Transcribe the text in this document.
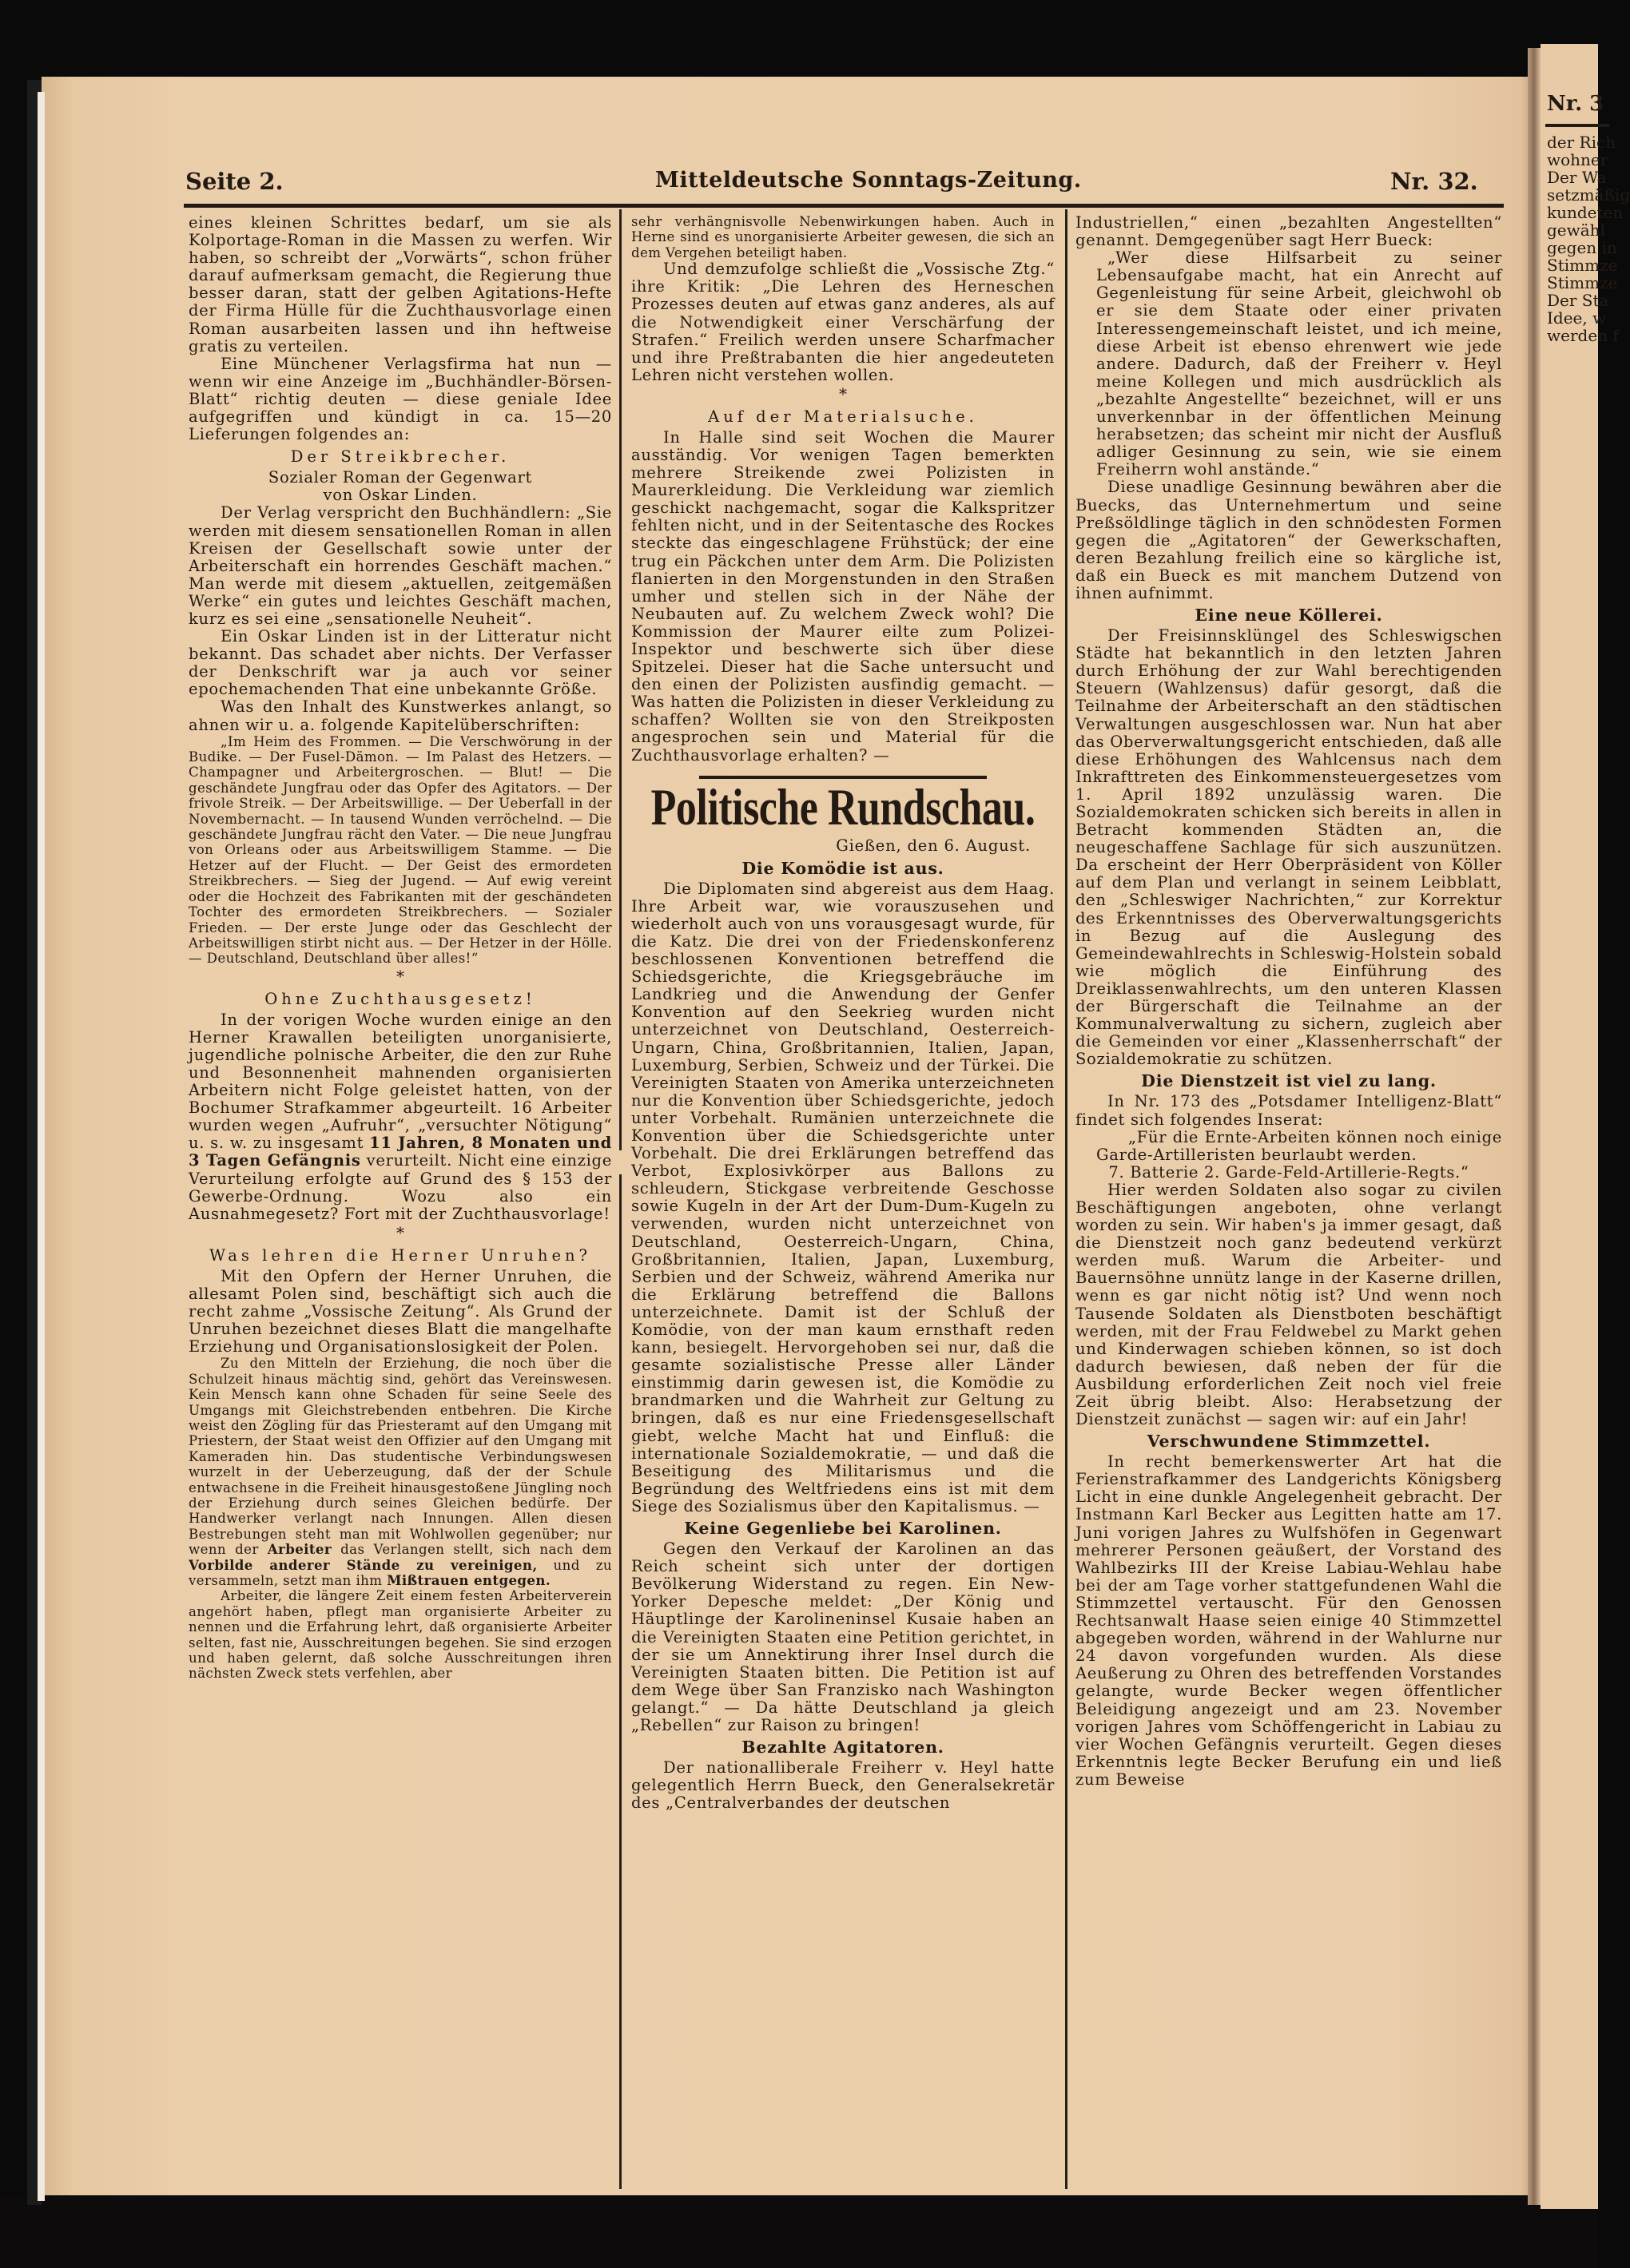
Nr. 3
der Rich
wohner
Der Wa
setzmäßig
kundeten
gewähl
gegen in
Stimmze
Stimmze
Der Sta
Idee, w
werden f
Seite 2.	Mitteldeutsche Sonntags-Zeitung.	Nr. 32.

eines kleinen Schrittes bedarf, um sie als Kolportage-Roman in die Massen zu werfen. Wir haben, so schreibt der „Vorwärts“, schon früher darauf aufmerksam gemacht, die Regierung thue besser daran, statt der gelben Agitations-Hefte der Firma Hülle für die Zuchthausvorlage einen Roman ausarbeiten lassen und ihn heftweise gratis zu verteilen.

Eine Münchener Verlagsfirma hat nun — wenn wir eine Anzeige im „Buchhändler-Börsen-Blatt“ richtig deuten — diese geniale Idee aufgegriffen und kündigt in ca. 15—20 Lieferungen folgendes an:

Der Streikbrecher.

Sozialer Roman der Gegenwart

von Oskar Linden.

Der Verlag verspricht den Buchhändlern: „Sie werden mit diesem sensationellen Roman in allen Kreisen der Gesellschaft sowie unter der Arbeiterschaft ein horrendes Geschäft machen.“ Man werde mit diesem „aktuellen, zeitgemäßen Werke“ ein gutes und leichtes Geschäft machen, kurz es sei eine „sensationelle Neuheit“.

Ein Oskar Linden ist in der Litteratur nicht bekannt. Das schadet aber nichts. Der Verfasser der Denkschrift war ja auch vor seiner epochemachenden That eine unbekannte Größe.

Was den Inhalt des Kunstwerkes anlangt, so ahnen wir u. a. folgende Kapitelüberschriften:

„Im Heim des Frommen. — Die Verschwörung in der Budike. — Der Fusel-Dämon. — Im Palast des Hetzers. — Champagner und Arbeitergroschen. — Blut! — Die geschändete Jungfrau oder das Opfer des Agitators. — Der frivole Streik. — Der Arbeitswillige. — Der Ueberfall in der Novembernacht. — In tausend Wunden verröchelnd. — Die geschändete Jungfrau rächt den Vater. — Die neue Jungfrau von Orleans oder aus Arbeitswilligem Stamme. — Die Hetzer auf der Flucht. — Der Geist des ermordeten Streikbrechers. — Sieg der Jugend. — Auf ewig vereint oder die Hochzeit des Fabrikanten mit der geschändeten Tochter des ermordeten Streikbrechers. — Sozialer Frieden. — Der erste Junge oder das Geschlecht der Arbeitswilligen stirbt nicht aus. — Der Hetzer in der Hölle. — Deutschland, Deutschland über alles!“

*
Ohne Zuchthausgesetz!

In der vorigen Woche wurden einige an den Herner Krawallen beteiligten unorganisierte, jugendliche polnische Arbeiter, die den zur Ruhe und Besonnenheit mahnenden organisierten Arbeitern nicht Folge geleistet hatten, von der Bochumer Strafkammer abgeurteilt. 16 Arbeiter wurden wegen „Aufruhr“, „versuchter Nötigung“ u. s. w. zu insgesamt 11 Jahren, 8 Monaten und 3 Tagen Gefängnis verurteilt. Nicht eine einzige Verurteilung erfolgte auf Grund des § 153 der Gewerbe-Ordnung. Wozu also ein Ausnahmegesetz? Fort mit der Zuchthausvorlage!

*
Was lehren die Herner Unruhen?

Mit den Opfern der Herner Unruhen, die allesamt Polen sind, beschäftigt sich auch die recht zahme „Vossische Zeitung“. Als Grund der Unruhen bezeichnet dieses Blatt die mangelhafte Erziehung und Organisationslosigkeit der Polen.

Zu den Mitteln der Erziehung, die noch über die Schulzeit hinaus mächtig sind, gehört das Vereinswesen. Kein Mensch kann ohne Schaden für seine Seele des Umgangs mit Gleichstrebenden entbehren. Die Kirche weist den Zögling für das Priesteramt auf den Umgang mit Priestern, der Staat weist den Offizier auf den Umgang mit Kameraden hin. Das studentische Verbindungswesen wurzelt in der Ueberzeugung, daß der der Schule entwachsene in die Freiheit hinausgestoßene Jüngling noch der Erziehung durch seines Gleichen bedürfe. Der Handwerker verlangt nach Innungen. Allen diesen Bestrebungen steht man mit Wohlwollen gegenüber; nur wenn der Arbeiter das Verlangen stellt, sich nach dem Vorbilde anderer Stände zu vereinigen, und zu versammeln, setzt man ihm Mißtrauen entgegen.

Arbeiter, die längere Zeit einem festen Arbeiterverein angehört haben, pflegt man organisierte Arbeiter zu nennen und die Erfahrung lehrt, daß organisierte Arbeiter selten, fast nie, Ausschreitungen begehen. Sie sind erzogen und haben gelernt, daß solche Ausschreitungen ihren nächsten Zweck stets verfehlen, aber

sehr verhängnisvolle Nebenwirkungen haben. Auch in Herne sind es unorganisierte Arbeiter gewesen, die sich an dem Vergehen beteiligt haben.

Und demzufolge schließt die „Vossische Ztg.“ ihre Kritik: „Die Lehren des Herneschen Prozesses deuten auf etwas ganz anderes, als auf die Notwendigkeit einer Verschärfung der Strafen.“ Freilich werden unsere Scharfmacher und ihre Preßtrabanten die hier angedeuteten Lehren nicht verstehen wollen.

*
Auf der Materialsuche.

In Halle sind seit Wochen die Maurer ausständig. Vor wenigen Tagen bemerkten mehrere Streikende zwei Polizisten in Maurerkleidung. Die Verkleidung war ziemlich geschickt nachgemacht, sogar die Kalkspritzer fehlten nicht, und in der Seitentasche des Rockes steckte das eingeschlagene Frühstück; der eine trug ein Päckchen unter dem Arm. Die Polizisten flanierten in den Morgenstunden in den Straßen umher und stellen sich in der Nähe der Neubauten auf. Zu welchem Zweck wohl? Die Kommission der Maurer eilte zum Polizei-Inspektor und beschwerte sich über diese Spitzelei. Dieser hat die Sache untersucht und den einen der Polizisten ausfindig gemacht. — Was hatten die Polizisten in dieser Verkleidung zu schaffen? Wollten sie von den Streikposten angesprochen sein und Material für die Zuchthausvorlage erhalten? —

Politische Rundschau.
Gießen, den 6. August.
Die Komödie ist aus.

Die Diplomaten sind abgereist aus dem Haag. Ihre Arbeit war, wie vorauszusehen und wiederholt auch von uns vorausgesagt wurde, für die Katz. Die drei von der Friedenskonferenz beschlossenen Konventionen betreffend die Schiedsgerichte, die Kriegsgebräuche im Landkrieg und die Anwendung der Genfer Konvention auf den Seekrieg wurden nicht unterzeichnet von Deutschland, Oesterreich-Ungarn, China, Großbritannien, Italien, Japan, Luxemburg, Serbien, Schweiz und der Türkei. Die Vereinigten Staaten von Amerika unterzeichneten nur die Konvention über Schiedsgerichte, jedoch unter Vorbehalt. Rumänien unterzeichnete die Konvention über die Schiedsgerichte unter Vorbehalt. Die drei Erklärungen betreffend das Verbot, Explosivkörper aus Ballons zu schleudern, Stickgase verbreitende Geschosse sowie Kugeln in der Art der Dum-Dum-Kugeln zu verwenden, wurden nicht unterzeichnet von Deutschland, Oesterreich-Ungarn, China, Großbritannien, Italien, Japan, Luxemburg, Serbien und der Schweiz, während Amerika nur die Erklärung betreffend die Ballons unterzeichnete. Damit ist der Schluß der Komödie, von der man kaum ernsthaft reden kann, besiegelt. Hervorgehoben sei nur, daß die gesamte sozialistische Presse aller Länder einstimmig darin gewesen ist, die Komödie zu brandmarken und die Wahrheit zur Geltung zu bringen, daß es nur eine Friedensgesellschaft giebt, welche Macht hat und Einfluß: die internationale Sozialdemokratie, — und daß die Beseitigung des Militarismus und die Begründung des Weltfriedens eins ist mit dem Siege des Sozialismus über den Kapitalismus. —

Keine Gegenliebe bei Karolinen.

Gegen den Verkauf der Karolinen an das Reich scheint sich unter der dortigen Bevölkerung Widerstand zu regen. Ein New-Yorker Depesche meldet: „Der König und Häuptlinge der Karolineninsel Kusaie haben an die Vereinigten Staaten eine Petition gerichtet, in der sie um Annektirung ihrer Insel durch die Vereinigten Staaten bitten. Die Petition ist auf dem Wege über San Franzisko nach Washington gelangt.“ — Da hätte Deutschland ja gleich „Rebellen“ zur Raison zu bringen!

Bezahlte Agitatoren.

Der nationalliberale Freiherr v. Heyl hatte gelegentlich Herrn Bueck, den Generalsekretär des „Centralverbandes der deutschen

Industriellen,“ einen „bezahlten Angestellten“ genannt. Demgegenüber sagt Herr Bueck:

„Wer diese Hilfsarbeit zu seiner Lebensaufgabe macht, hat ein Anrecht auf Gegenleistung für seine Arbeit, gleichwohl ob er sie dem Staate oder einer privaten Interessengemeinschaft leistet, und ich meine, diese Arbeit ist ebenso ehrenwert wie jede andere. Dadurch, daß der Freiherr v. Heyl meine Kollegen und mich ausdrücklich als „bezahlte Angestellte“ bezeichnet, will er uns unverkennbar in der öffentlichen Meinung herabsetzen; das scheint mir nicht der Ausfluß adliger Gesinnung zu sein, wie sie einem Freiherrn wohl anstände.“

Diese unadlige Gesinnung bewähren aber die Buecks, das Unternehmertum und seine Preßsöldlinge täglich in den schnödesten Formen gegen die „Agitatoren“ der Gewerkschaften, deren Bezahlung freilich eine so kärgliche ist, daß ein Bueck es mit manchem Dutzend von ihnen aufnimmt.

Eine neue Köllerei.

Der Freisinnsklüngel des Schleswigschen Städte hat bekanntlich in den letzten Jahren durch Erhöhung der zur Wahl berechtigenden Steuern (Wahlzensus) dafür gesorgt, daß die Teilnahme der Arbeiterschaft an den städtischen Verwaltungen ausgeschlossen war. Nun hat aber das Oberverwaltungsgericht entschieden, daß alle diese Erhöhungen des Wahlcensus nach dem Inkrafttreten des Einkommensteuergesetzes vom 1. April 1892 unzulässig waren. Die Sozialdemokraten schicken sich bereits in allen in Betracht kommenden Städten an, die neugeschaffene Sachlage für sich auszunützen. Da erscheint der Herr Oberpräsident von Köller auf dem Plan und verlangt in seinem Leibblatt, den „Schleswiger Nachrichten,“ zur Korrektur des Erkenntnisses des Oberverwaltungsgerichts in Bezug auf die Auslegung des Gemeindewahlrechts in Schleswig-Holstein sobald wie möglich die Einführung des Dreiklassenwahlrechts, um den unteren Klassen der Bürgerschaft die Teilnahme an der Kommunalverwaltung zu sichern, zugleich aber die Gemeinden vor einer „Klassenherrschaft“ der Sozialdemokratie zu schützen.

Die Dienstzeit ist viel zu lang.

In Nr. 173 des „Potsdamer Intelligenz-Blatt“ findet sich folgendes Inserat:

„Für die Ernte-Arbeiten können noch einige Garde-Artilleristen beurlaubt werden.

7. Batterie 2. Garde-Feld-Artillerie-Regts.“

Hier werden Soldaten also sogar zu civilen Beschäftigungen angeboten, ohne verlangt worden zu sein. Wir haben's ja immer gesagt, daß die Dienstzeit noch ganz bedeutend verkürzt werden muß. Warum die Arbeiter- und Bauernsöhne unnütz lange in der Kaserne drillen, wenn es gar nicht nötig ist? Und wenn noch Tausende Soldaten als Dienstboten beschäftigt werden, mit der Frau Feldwebel zu Markt gehen und Kinderwagen schieben können, so ist doch dadurch bewiesen, daß neben der für die Ausbildung erforderlichen Zeit noch viel freie Zeit übrig bleibt. Also: Herabsetzung der Dienstzeit zunächst — sagen wir: auf ein Jahr!

Verschwundene Stimmzettel.

In recht bemerkenswerter Art hat die Ferienstrafkammer des Landgerichts Königsberg Licht in eine dunkle Angelegenheit gebracht. Der Instmann Karl Becker aus Legitten hatte am 17. Juni vorigen Jahres zu Wulfshöfen in Gegenwart mehrerer Personen geäußert, der Vorstand des Wahlbezirks III der Kreise Labiau-Wehlau habe bei der am Tage vorher stattgefundenen Wahl die Stimmzettel vertauscht. Für den Genossen Rechtsanwalt Haase seien einige 40 Stimmzettel abgegeben worden, während in der Wahlurne nur 24 davon vorgefunden wurden. Als diese Aeußerung zu Ohren des betreffenden Vorstandes gelangte, wurde Becker wegen öffentlicher Beleidigung angezeigt und am 23. November vorigen Jahres vom Schöffengericht in Labiau zu vier Wochen Gefängnis verurteilt. Gegen dieses Erkenntnis legte Becker Berufung ein und ließ zum Beweise
